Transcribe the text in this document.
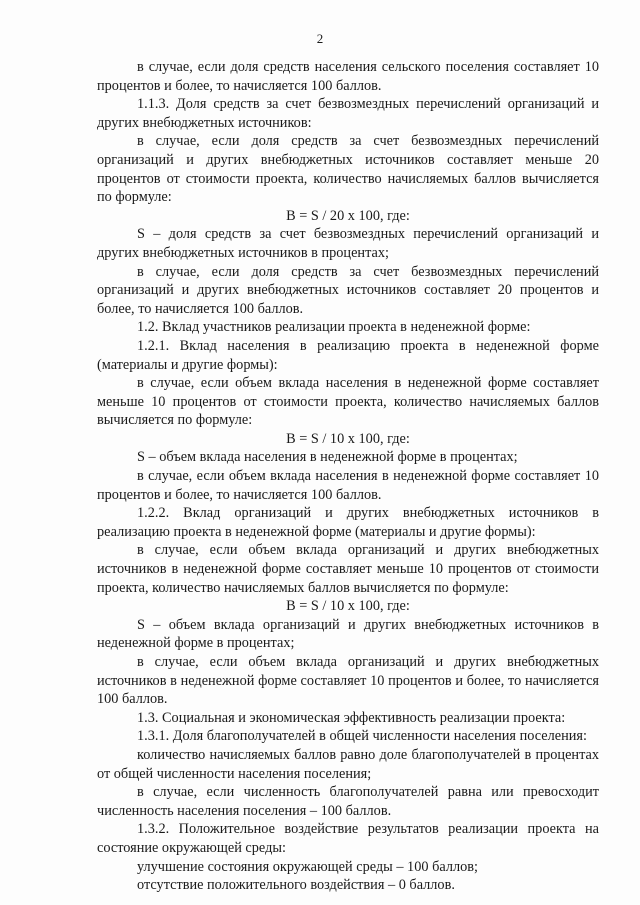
2

в случае, если доля средств населения сельского поселения составляет 10 процентов и более, то начисляется 100 баллов.

1.1.3. Доля средств за счет безвозмездных перечислений организаций и других внебюджетных источников:

в случае, если доля средств за счет безвозмездных перечислений организаций и других внебюджетных источников составляет меньше 20 процентов от стоимости проекта, количество начисляемых баллов вычисляется по формуле:

B = S / 20 x 100, где:

S – доля средств за счет безвозмездных перечислений организаций и других внебюджетных источников в процентах;

в случае, если доля средств за счет безвозмездных перечислений организаций и других внебюджетных источников составляет 20 процентов и более, то начисляется 100 баллов.

1.2. Вклад участников реализации проекта в неденежной форме:

1.2.1. Вклад населения в реализацию проекта в неденежной форме (материалы и другие формы):

в случае, если объем вклада населения в неденежной форме составляет меньше 10 процентов от стоимости проекта, количество начисляемых баллов вычисляется по формуле:

B = S / 10 x 100, где:

S – объем вклада населения в неденежной форме в процентах;

в случае, если объем вклада населения в неденежной форме составляет 10 процентов и более, то начисляется 100 баллов.

1.2.2. Вклад организаций и других внебюджетных источников в реализацию проекта в неденежной форме (материалы и другие формы):

в случае, если объем вклада организаций и других внебюджетных источников в неденежной форме составляет меньше 10 процентов от стоимости проекта, количество начисляемых баллов вычисляется по формуле:

B = S / 10 x 100, где:

S – объем вклада организаций и других внебюджетных источников в неденежной форме в процентах;

в случае, если объем вклада организаций и других внебюджетных источников в неденежной форме составляет 10 процентов и более, то начисляется 100 баллов.

1.3. Социальная и экономическая эффективность реализации проекта:

1.3.1. Доля благополучателей в общей численности населения поселения:

количество начисляемых баллов равно доле благополучателей в процентах от общей численности населения поселения;

в случае, если численность благополучателей равна или превосходит численность населения поселения – 100 баллов.

1.3.2. Положительное воздействие результатов реализации проекта на состояние окружающей среды:

улучшение состояния окружающей среды – 100 баллов;

отсутствие положительного воздействия – 0 баллов.
